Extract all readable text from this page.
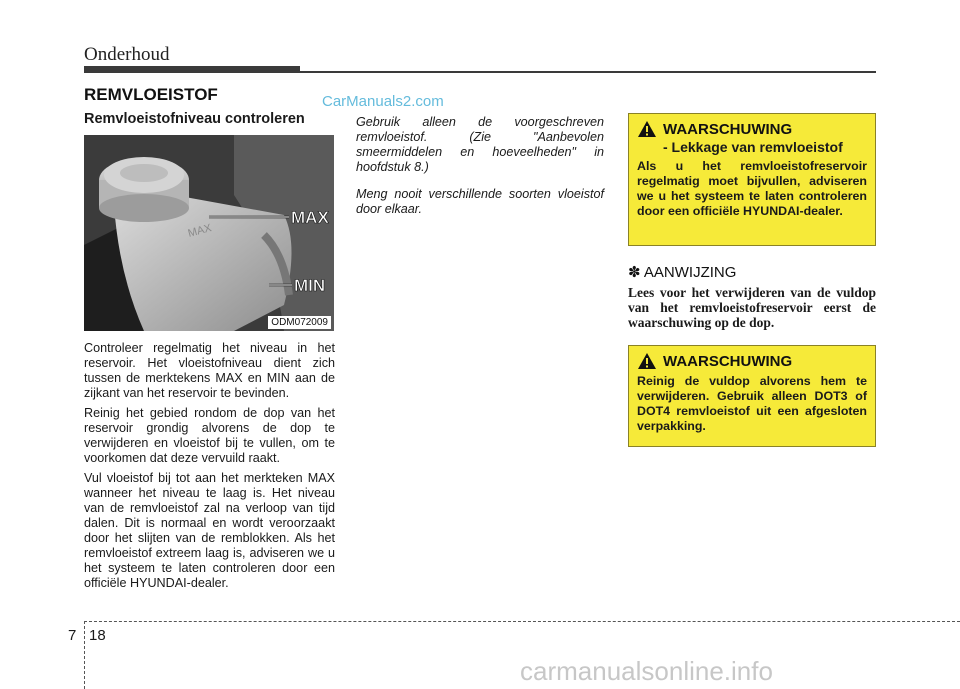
Onderhoud
REMVLOEISTOF	CarManuals2.com
Remvloeistofniveau controleren
MAX
MAX
MIN
ODM072009

Controleer regelmatig het niveau in het reservoir. Het vloeistofniveau dient zich tussen de merktekens MAX en MIN aan de zijkant van het reservoir te bevinden.

Reinig het gebied rondom de dop van het reservoir grondig alvorens de dop te verwijderen en vloeistof bij te vullen, om te voorkomen dat deze vervuild raakt.

Vul vloeistof bij tot aan het merkteken MAX wanneer het niveau te laag is. Het niveau van de remvloeistof zal na verloop van tijd dalen. Dit is normaal en wordt veroorzaakt door het slijten van de remblokken. Als het remvloeistof extreem laag is, adviseren we u het systeem te laten controleren door een officiële HYUNDAI-dealer.

Gebruik alleen de voorgeschreven remvloeistof. (Zie "Aanbevolen smeermiddelen en hoeveelheden" in hoofdstuk 8.)

Meng nooit verschillende soorten vloeistof door elkaar.

WAARSCHUWING
- Lekkage van remvloeistof
Als u het remvloeistofreservoir regelmatig moet bijvullen, adviseren we u het systeem te laten controleren door een officiële HYUNDAI-dealer.
✽ AANWIJZING
Lees voor het verwijderen van de vuldop van het remvloeistofreservoir eerst de waarschuwing op de dop.
WAARSCHUWING
Reinig de vuldop alvorens hem te verwijderen. Gebruik alleen DOT3 of DOT4 remvloeistof uit een afgesloten verpakking.
7 18
carmanualsonline.info
